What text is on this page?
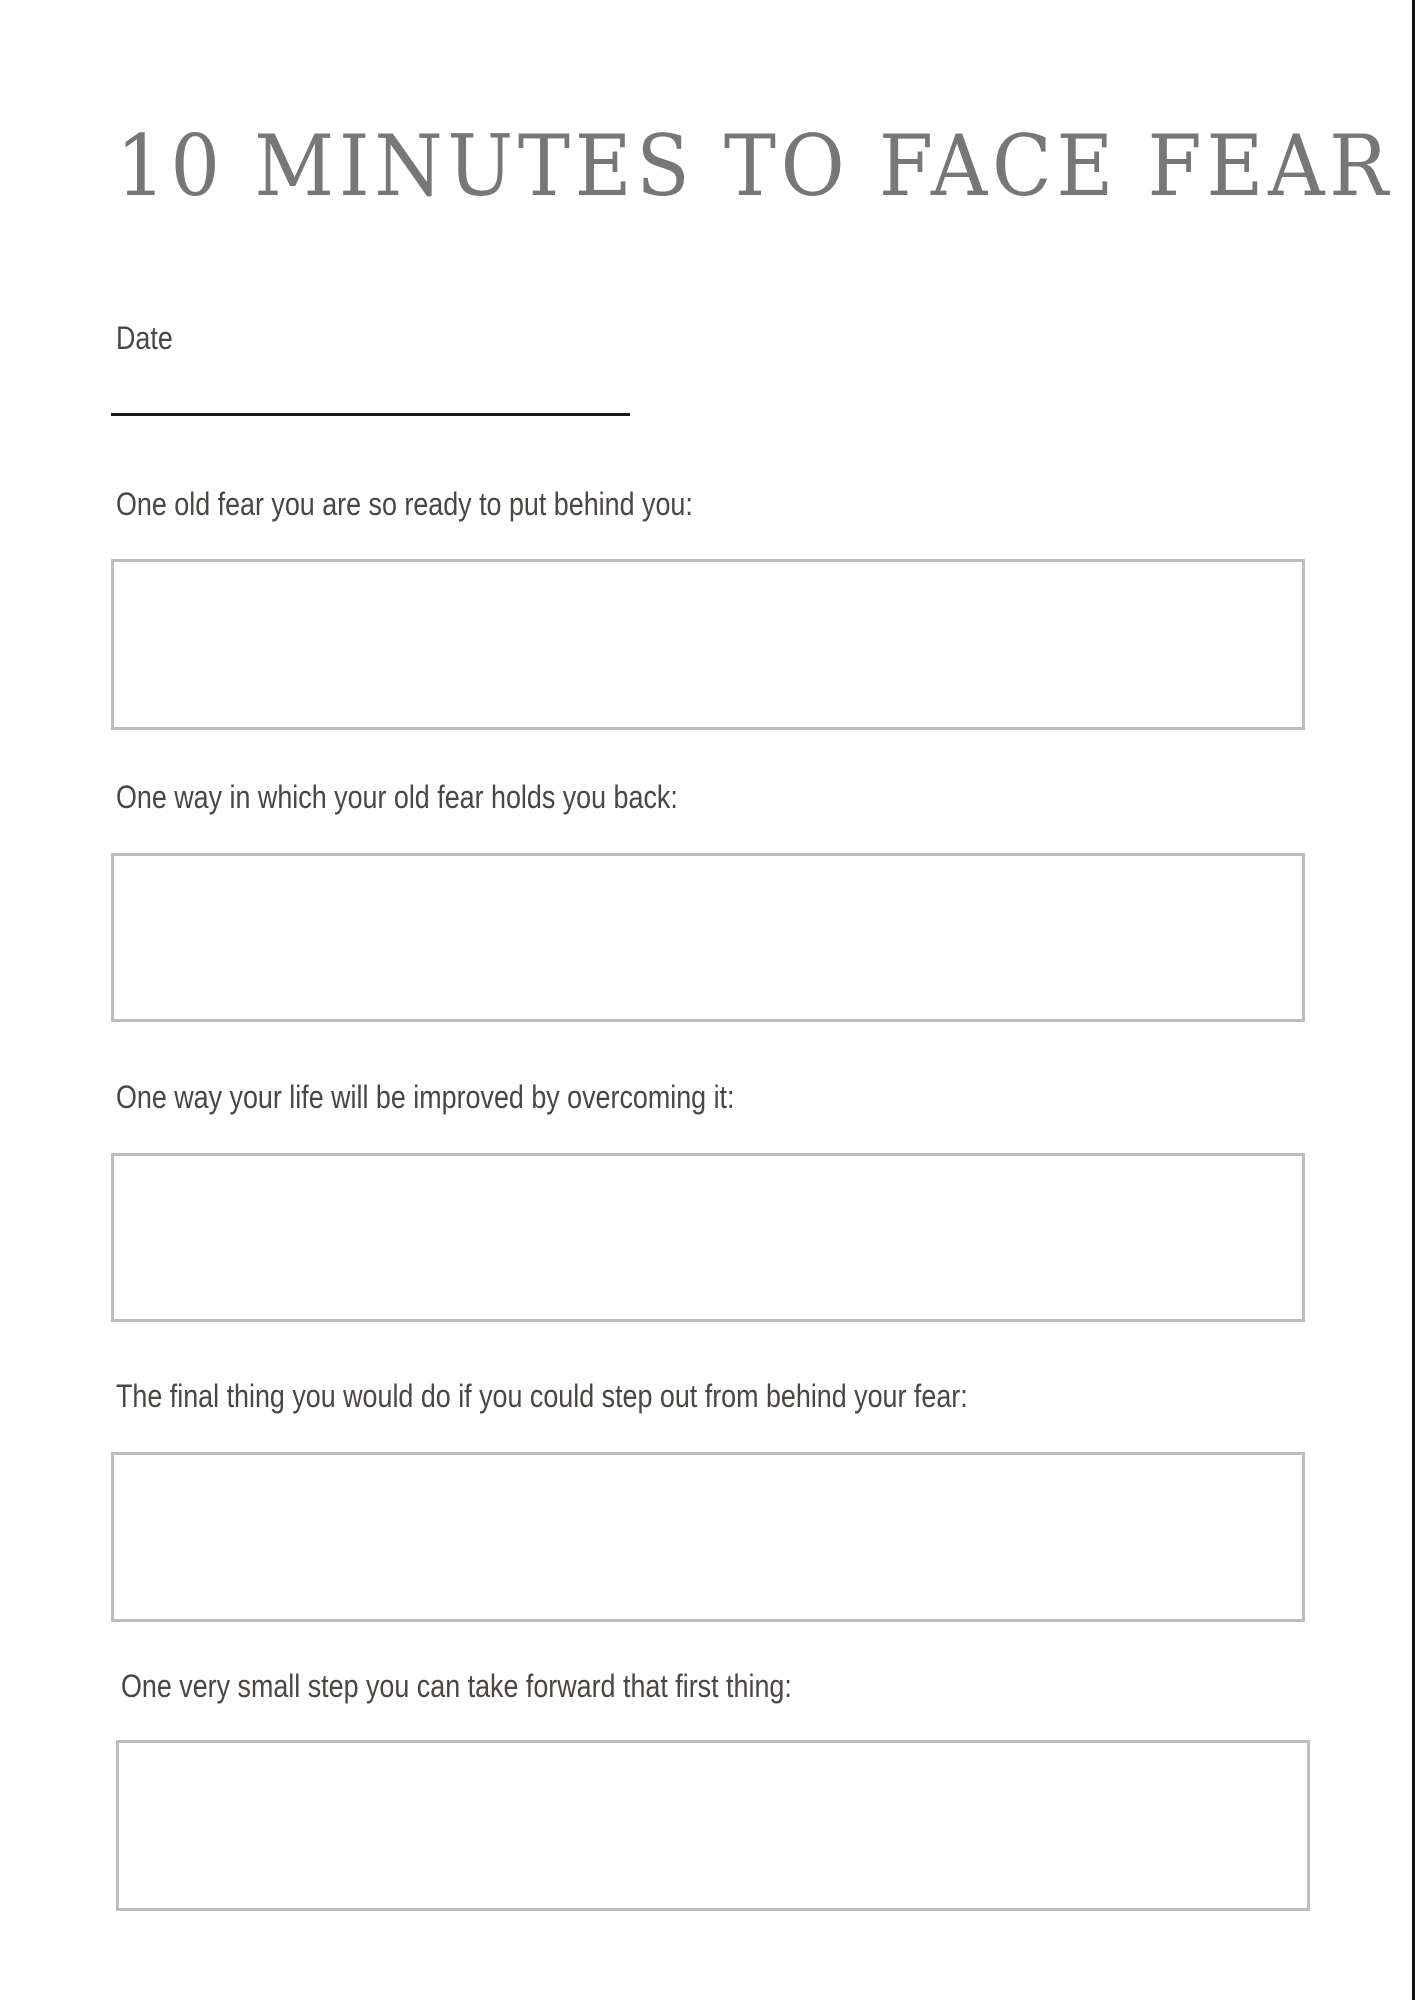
10 MINUTES TO FACE FEAR
Date
One old fear you are so ready to put behind you:
One way in which your old fear holds you back:
One way your life will be improved by overcoming it:
The final thing you would do if you could step out from behind your fear:
One very small step you can take forward that first thing:
